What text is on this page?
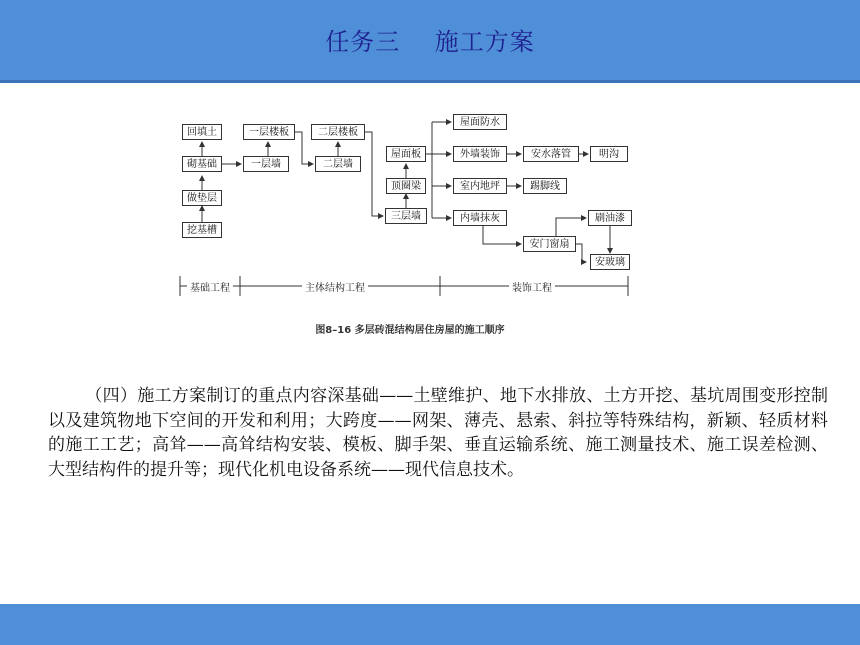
任务三    施工方案
回填土
砌基础
做垫层
挖基槽
一层楼板
一层墙
二层楼板
二层墙
屋面板
顶圈梁
三层墙
屋面防水
外墙装饰	安水落管	明沟
室内地坪	踢脚线
内墙抹灰	刷油漆
安门窗扇
安玻璃
基础工程	主体结构工程	装饰工程
图8–16 多层砖混结构居住房屋的施工顺序
（四）施工方案制订的重点内容深基础——土壁维护、地下水排放、土方开挖、基坑周围变形控制以及建筑物地下空间的开发和利用；大跨度——网架、薄壳、悬索、斜拉等特殊结构，新颖、轻质材料的施工工艺；高耸——高耸结构安装、模板、脚手架、垂直运输系统、施工测量技术、施工误差检测、大型结构件的提升等；现代化机电设备系统——现代信息技术。
